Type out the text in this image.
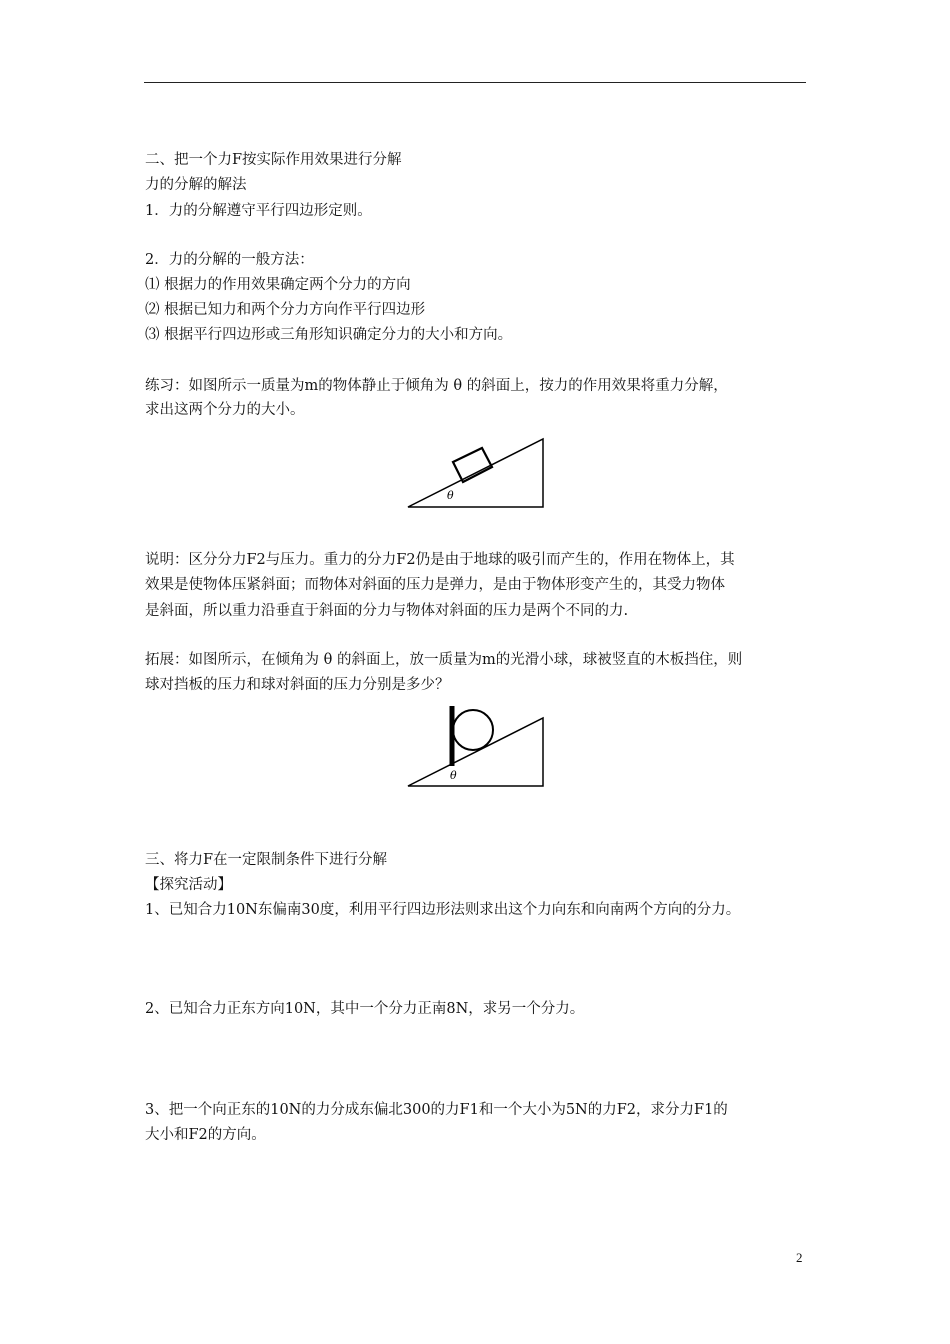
二、把一个力F按实际作用效果进行分解
力的分解的解法
1．力的分解遵守平行四边形定则。
2．力的分解的一般方法：
⑴ 根据力的作用效果确定两个分力的方向
⑵ 根据已知力和两个分力方向作平行四边形
⑶ 根据平行四边形或三角形知识确定分力的大小和方向。
练习：如图所示一质量为m的物体静止于倾角为 θ 的斜面上，按力的作用效果将重力分解，
求出这两个分力的大小。
θ
说明：区分分力F2与压力。重力的分力F2仍是由于地球的吸引而产生的，作用在物体上，其
效果是使物体压紧斜面；而物体对斜面的压力是弹力，是由于物体形变产生的，其受力物体
是斜面，所以重力沿垂直于斜面的分力与物体对斜面的压力是两个不同的力.
拓展：如图所示，在倾角为 θ 的斜面上，放一质量为m的光滑小球，球被竖直的木板挡住，则
球对挡板的压力和球对斜面的压力分别是多少？
θ
三、将力F在一定限制条件下进行分解
【探究活动】
1、已知合力10N东偏南30度，利用平行四边形法则求出这个力向东和向南两个方向的分力。
2、已知合力正东方向10N，其中一个分力正南8N，求另一个分力。
3、把一个向正东的10N的力分成东偏北300的力F1和一个大小为5N的力F2，求分力F1的
大小和F2的方向。
2
